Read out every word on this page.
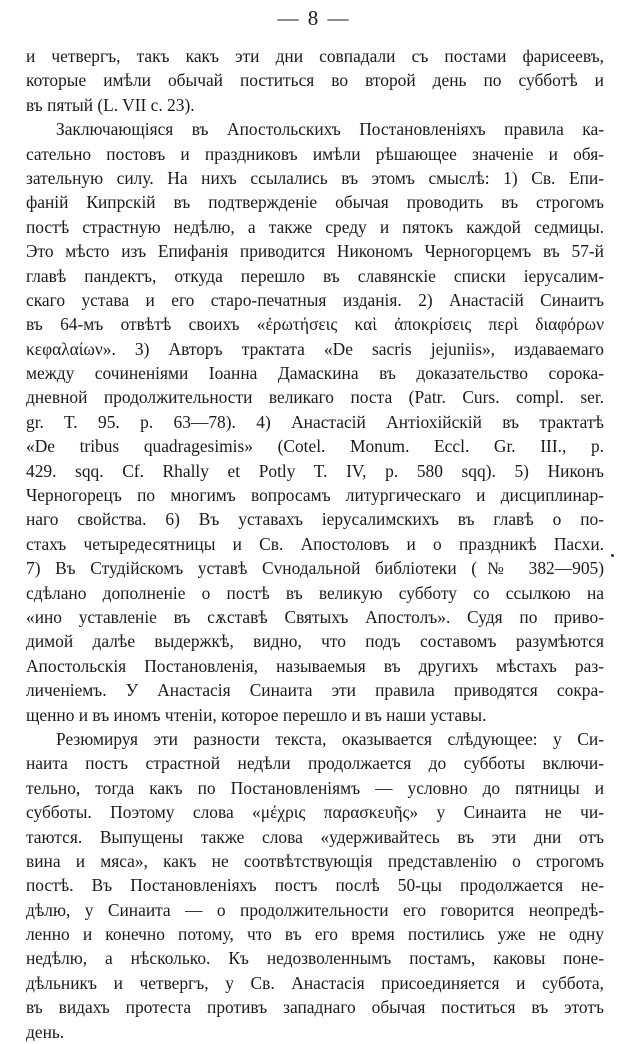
— 8 —
и четвергъ, такъ какъ эти дни совпадали съ постами фарисеевъ,
которые имѣли обычай поститься во второй день по субботѣ и
въ пятый (L. VII c. 23).
Заключающіяся въ Апостольскихъ Постановленіяхъ правила ка-
сательно постовъ и праздниковъ имѣли рѣшающее значеніе и обя-
зательную силу. На нихъ ссылались въ этомъ смыслѣ: 1) Св. Епи-
фаній Кипрскій въ подтвержденіе обычая проводить въ строгомъ
постѣ страстную недѣлю, а также среду и пятокъ каждой седмицы.
Это мѣсто изъ Епифанія приводится Никономъ Черногорцемъ въ 57-й
главѣ пандектъ, откуда перешло въ славянскіе списки іерусалим-
скаго устава и его старо-печатныя изданія. 2) Анастасій Синаитъ
въ 64-мъ отвѣтѣ своихъ «ἐρωτήσεις καὶ ἀποκρίσεις περὶ διαφόρων
κεφαλαίων». 3) Авторъ трактата «De sacris jejuniis», издаваемаго
между сочиненіями Іоанна Дамаскина въ доказательство сорока-
дневной продолжительности великаго поста (Patr. Curs. compl. ser.
gr. T. 95. p. 63—78). 4) Анастасій Антіохійскій въ трактатѣ
«De tribus quadragesimis» (Cotel. Monum. Eccl. Gr. III., p.
429. sqq. Cf. Rhally et Potly T. IV, p. 580 sqq). 5) Никонъ
Черногорецъ по многимъ вопросамъ литургическаго и дисциплинар-
наго свойства. 6) Въ уставахъ іерусалимскихъ въ главѣ о по-
стахъ четыредесятницы и Св. Апостоловъ и о праздникѣ Пасхи.
7) Въ Студійскомъ уставѣ Сvнодальной библіотеки (№ 382—905)
сдѣлано дополненіе о постѣ въ великую субботу со ссылкою на
«ино уставленіе въ сѫставѣ Святыхъ Апостолъ». Судя по приво-
димой далѣе выдержкѣ, видно, что подъ составомъ разумѣются
Апостольскія Постановленія, называемыя въ другихъ мѣстахъ раз-
личеніемъ. У Анастасія Синаита эти правила приводятся сокра-
щенно и въ иномъ чтеніи, которое перешло и въ наши уставы.
Резюмируя эти разности текста, оказывается слѣдующее: у Си-
наита постъ страстной недѣли продолжается до субботы включи-
тельно, тогда какъ по Постановленіямъ — условно до пятницы и
субботы. Поэтому слова «μέχρις παρασκευῆς» у Синаита не чи-
таются. Выпущены также слова «удерживайтесь въ эти дни отъ
вина и мяса», какъ не соотвѣтствующія представленію о строгомъ
постѣ. Въ Постановленіяхъ постъ послѣ 50-цы продолжается не-
дѣлю, у Синаита — о продолжительности его говорится неопредѣ-
ленно и конечно потому, что въ его время постились уже не одну
недѣлю, а нѣсколько. Къ недозволеннымъ постамъ, каковы поне-
дѣльникъ и четвергъ, у Св. Анастасія присоединяется и суббота,
въ видахъ протеста противъ западнаго обычая поститься въ этотъ
день.
